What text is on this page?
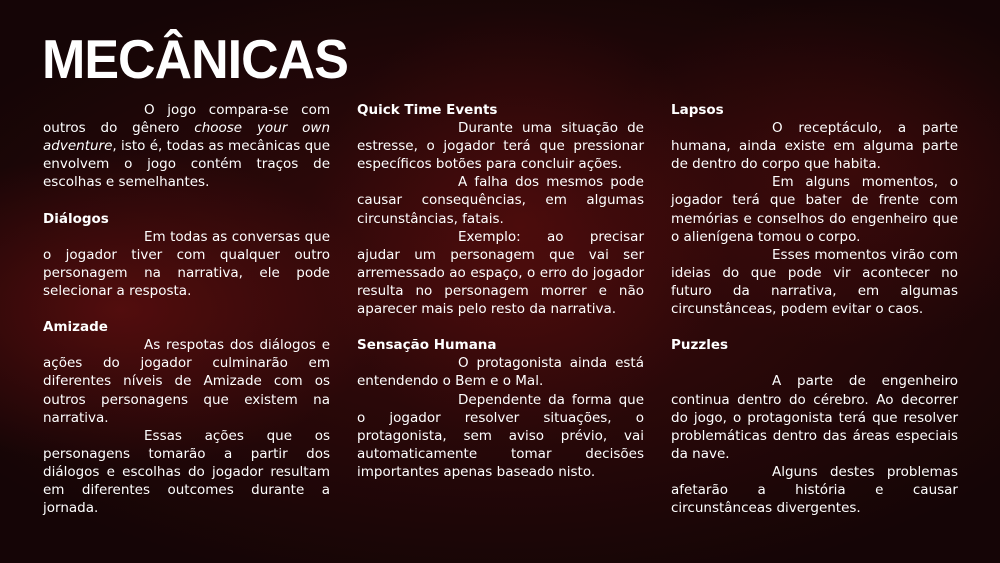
MECÂNICAS

O jogo compara-se com outros do gênero choose your own adventure, isto é, todas as mecânicas que envolvem o jogo contém traços de escolhas e semelhantes.

Diálogos

Em todas as conversas que o jogador tiver com qualquer outro personagem na narrativa, ele pode selecionar a resposta.

Amizade

As respotas dos diálogos e ações do jogador culminarão em diferentes níveis de Amizade com os outros personagens que existem na narrativa.

Essas ações que os personagens tomarão a partir dos diálogos e escolhas do jogador resultam em diferentes outcomes durante a jornada.

Quick Time Events

Durante uma situação de estresse, o jogador terá que pressionar específicos botões para concluir ações.

A falha dos mesmos pode causar consequências, em algumas circunstâncias, fatais.

Exemplo: ao precisar ajudar um personagem que vai ser arremessado ao espaço, o erro do jogador resulta no personagem morrer e não aparecer mais pelo resto da narrativa.

Sensação Humana

O protagonista ainda está entendendo o Bem e o Mal.

Dependente da forma que o jogador resolver situações, o protagonista, sem aviso prévio, vai automaticamente tomar decisões importantes apenas baseado nisto.

Lapsos

O receptáculo, a parte humana, ainda existe em alguma parte de dentro do corpo que habita.

Em alguns momentos, o jogador terá que bater de frente com memórias e conselhos do engenheiro que o alienígena tomou o corpo.

Esses momentos virão com ideias do que pode vir acontecer no futuro da narrativa, em algumas circunstânceas, podem evitar o caos.

Puzzles

A parte de engenheiro continua dentro do cérebro. Ao decorrer do jogo, o protagonista terá que resolver problemáticas dentro das áreas especiais da nave.

Alguns destes problemas afetarão a história e causar circunstânceas divergentes.
